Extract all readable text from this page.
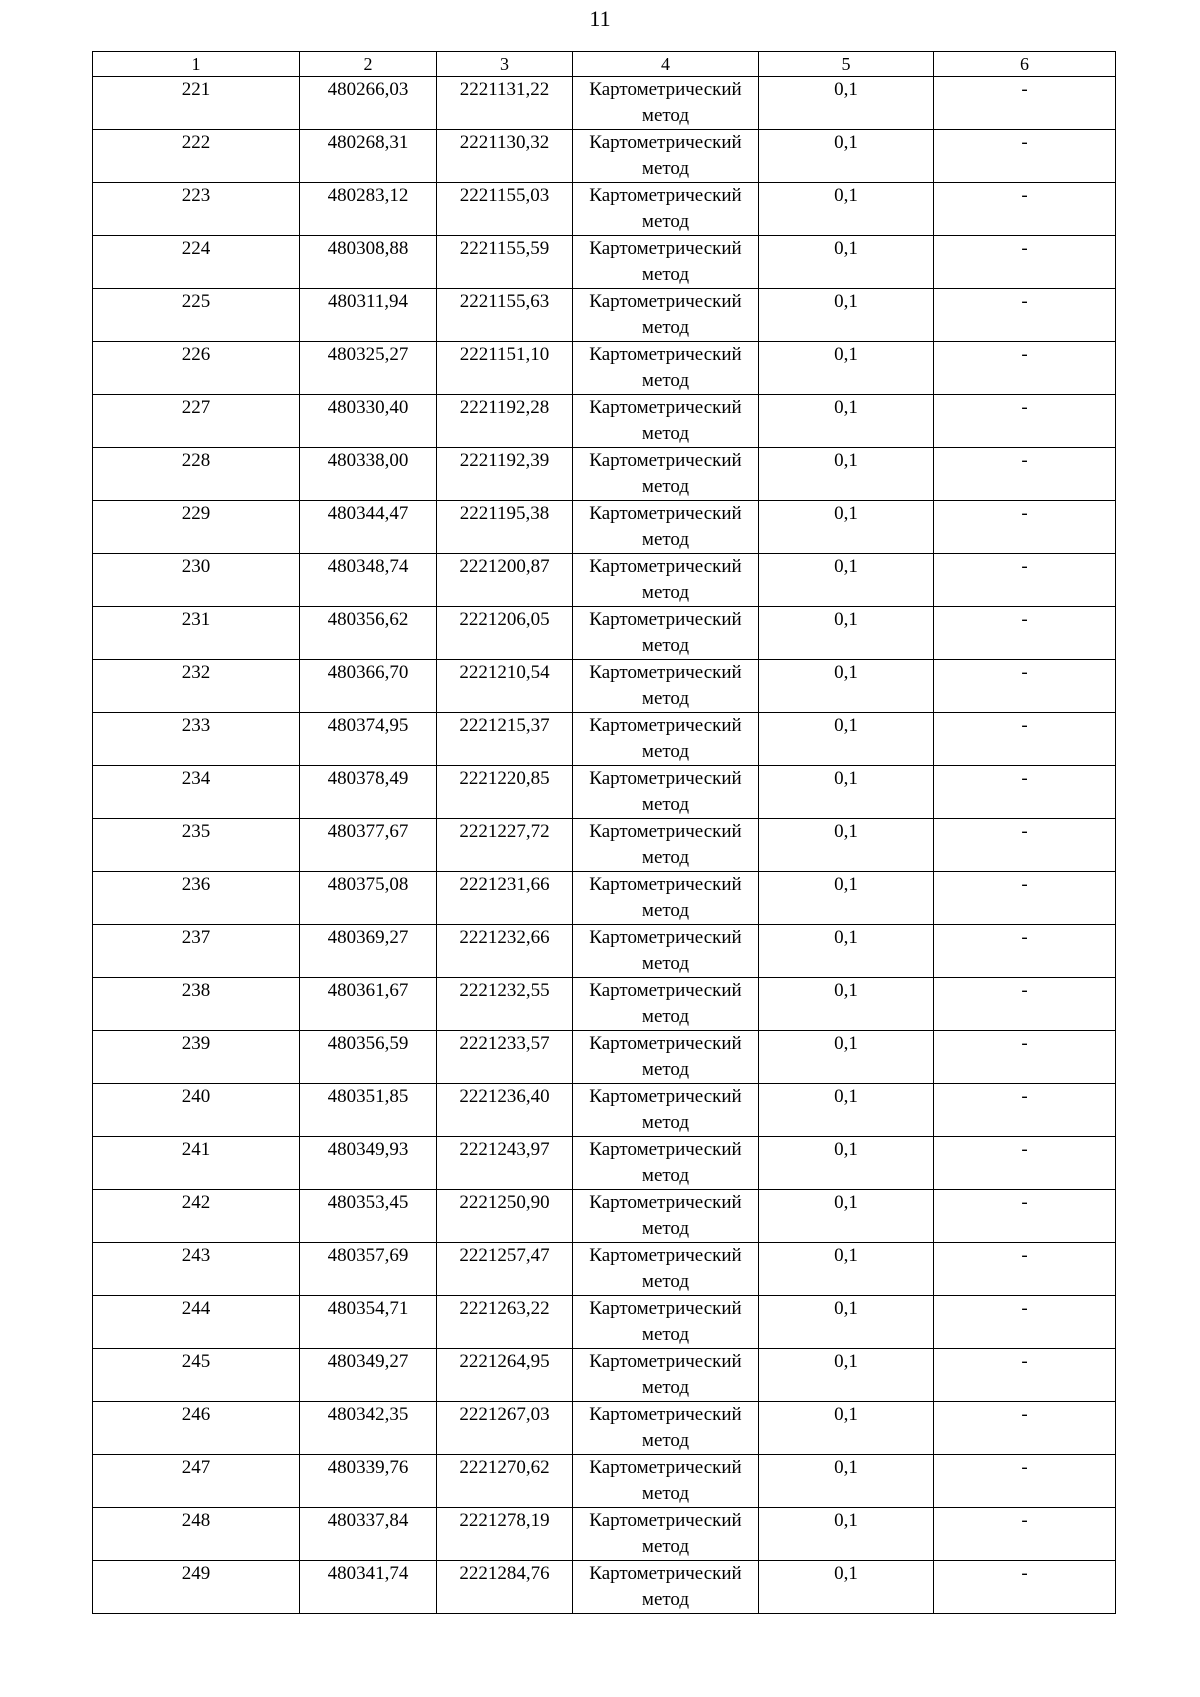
11
1	2	3	4	5	6
221	480266,03	2221131,22	Картометрический метод	0,1	-
222	480268,31	2221130,32	Картометрический метод	0,1	-
223	480283,12	2221155,03	Картометрический метод	0,1	-
224	480308,88	2221155,59	Картометрический метод	0,1	-
225	480311,94	2221155,63	Картометрический метод	0,1	-
226	480325,27	2221151,10	Картометрический метод	0,1	-
227	480330,40	2221192,28	Картометрический метод	0,1	-
228	480338,00	2221192,39	Картометрический метод	0,1	-
229	480344,47	2221195,38	Картометрический метод	0,1	-
230	480348,74	2221200,87	Картометрический метод	0,1	-
231	480356,62	2221206,05	Картометрический метод	0,1	-
232	480366,70	2221210,54	Картометрический метод	0,1	-
233	480374,95	2221215,37	Картометрический метод	0,1	-
234	480378,49	2221220,85	Картометрический метод	0,1	-
235	480377,67	2221227,72	Картометрический метод	0,1	-
236	480375,08	2221231,66	Картометрический метод	0,1	-
237	480369,27	2221232,66	Картометрический метод	0,1	-
238	480361,67	2221232,55	Картометрический метод	0,1	-
239	480356,59	2221233,57	Картометрический метод	0,1	-
240	480351,85	2221236,40	Картометрический метод	0,1	-
241	480349,93	2221243,97	Картометрический метод	0,1	-
242	480353,45	2221250,90	Картометрический метод	0,1	-
243	480357,69	2221257,47	Картометрический метод	0,1	-
244	480354,71	2221263,22	Картометрический метод	0,1	-
245	480349,27	2221264,95	Картометрический метод	0,1	-
246	480342,35	2221267,03	Картометрический метод	0,1	-
247	480339,76	2221270,62	Картометрический метод	0,1	-
248	480337,84	2221278,19	Картометрический метод	0,1	-
249	480341,74	2221284,76	Картометрический метод	0,1	-
